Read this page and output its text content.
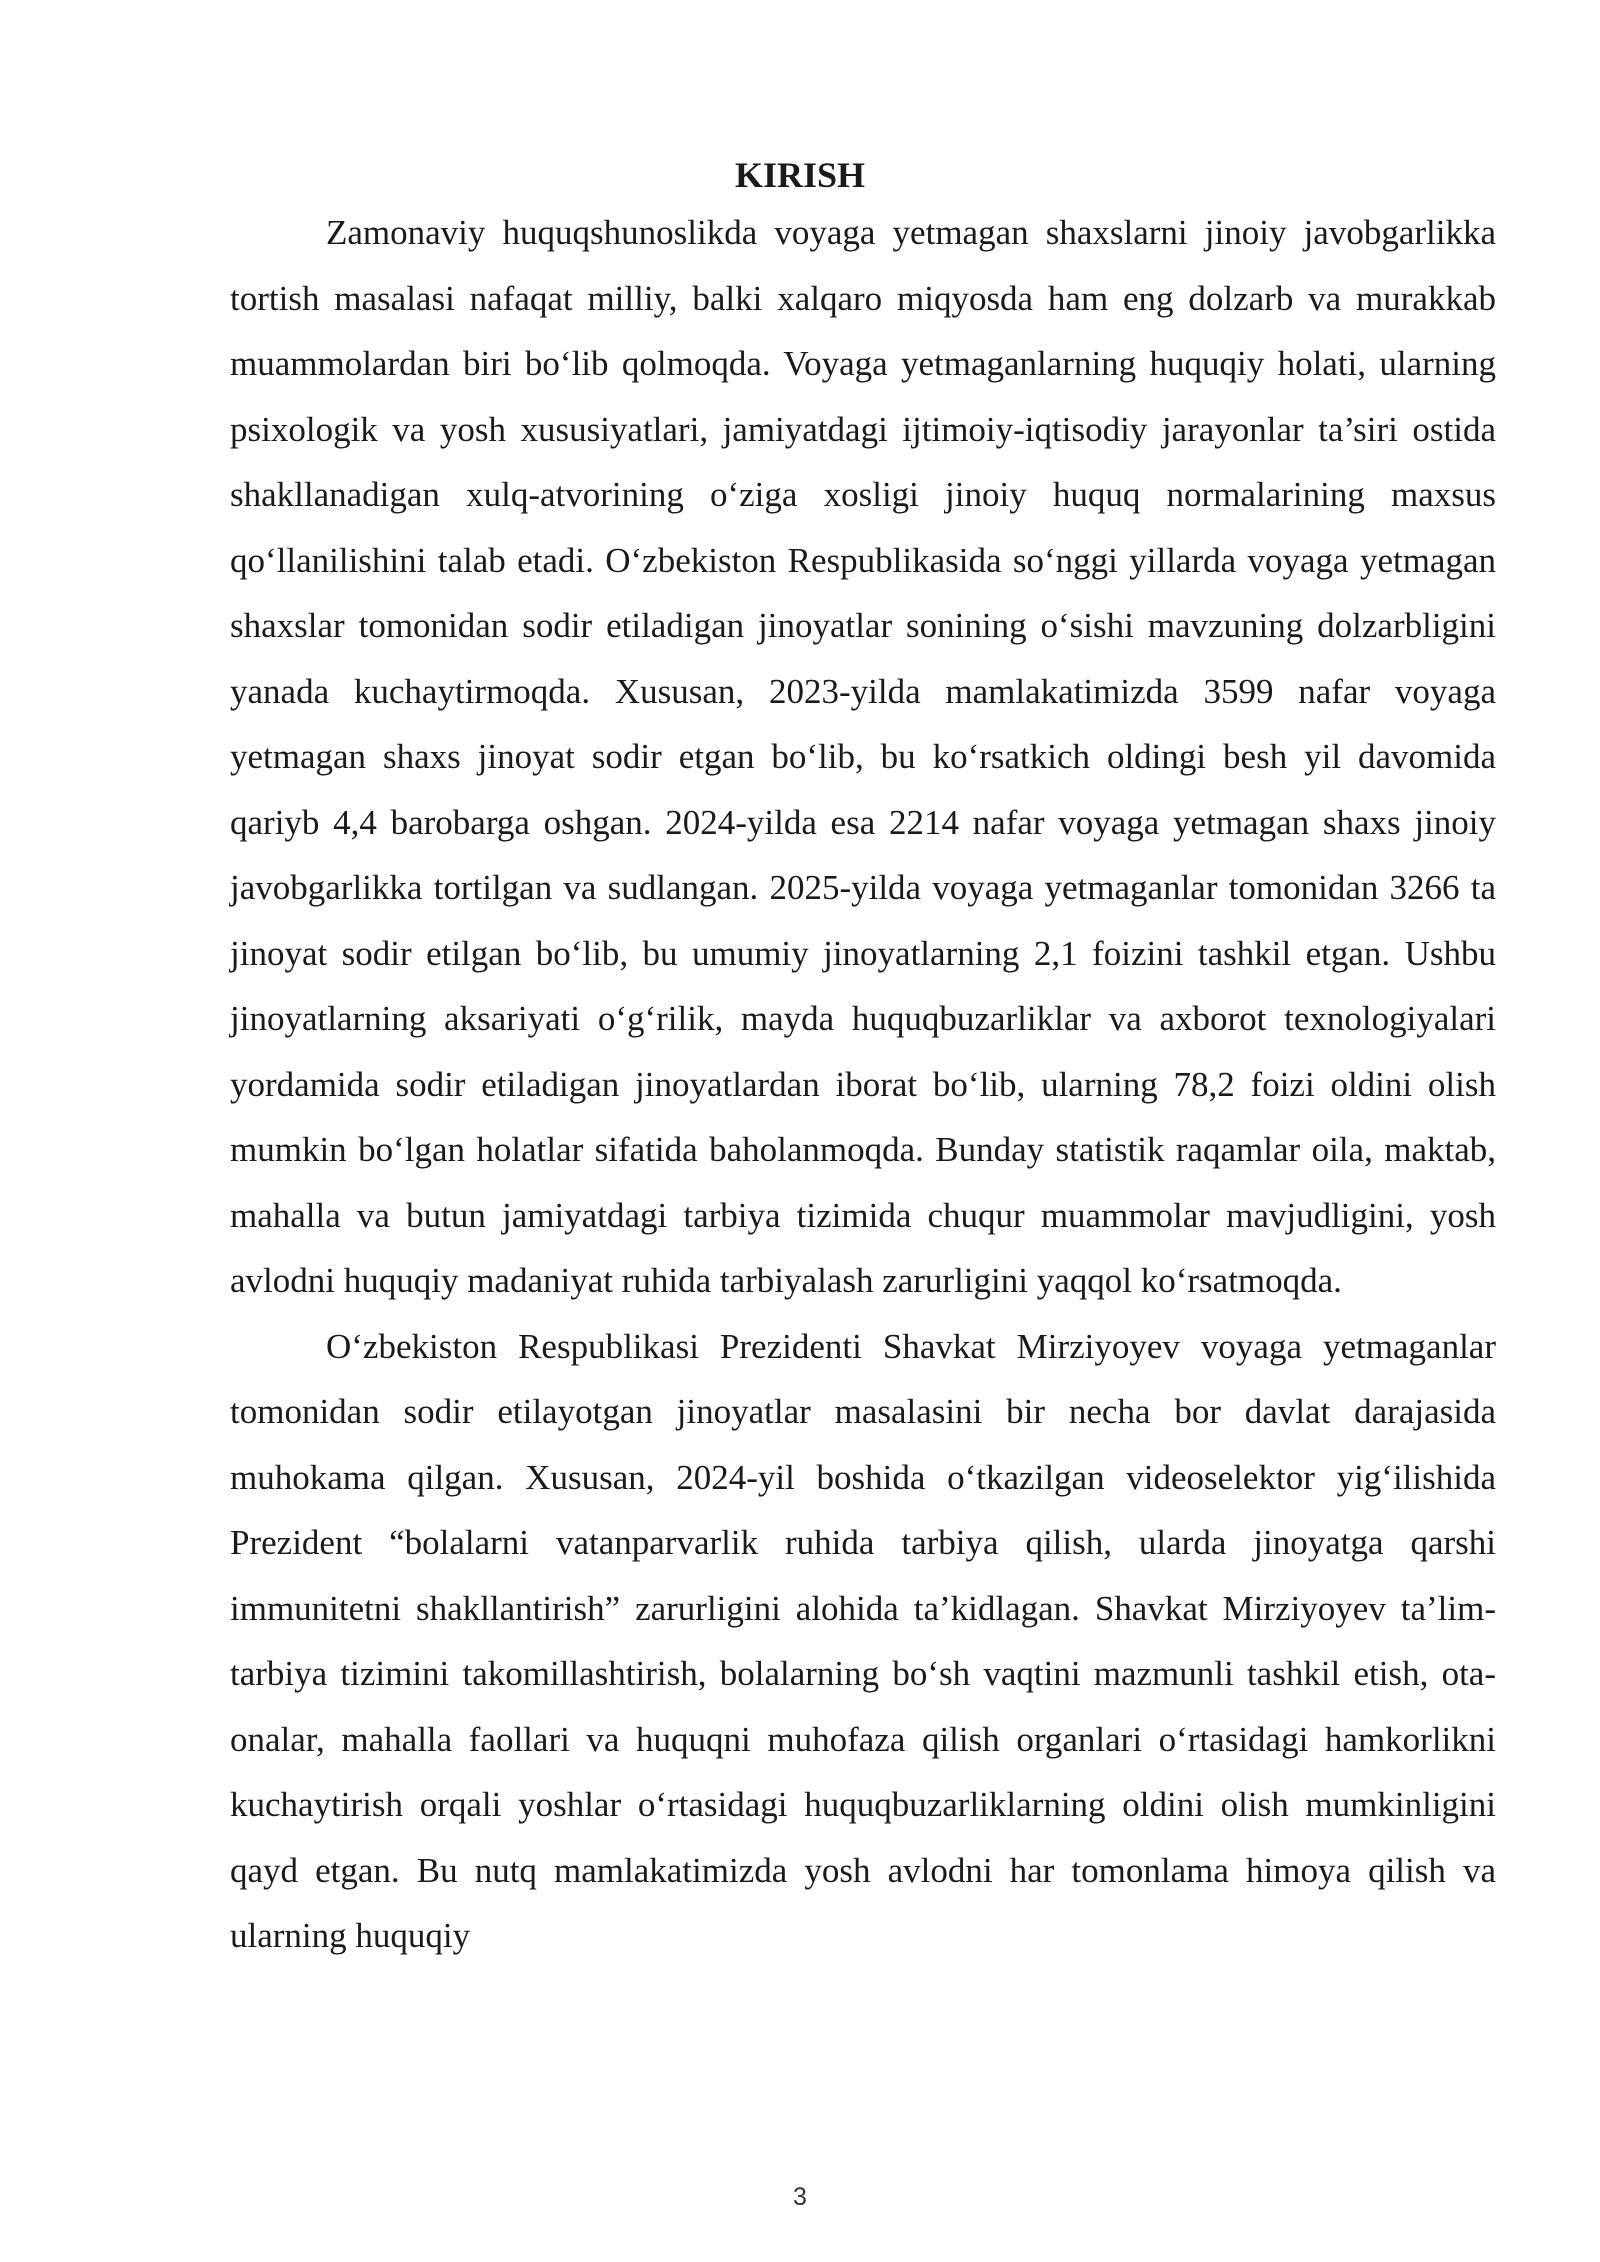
KIRISH

Zamonaviy huquqshunoslikda voyaga yetmagan shaxslarni jinoiy javobgarlikka tortish masalasi nafaqat milliy, balki xalqaro miqyosda ham eng dolzarb va murakkab muammolardan biri bo‘lib qolmoqda. Voyaga yetmaganlarning huquqiy holati, ularning psixologik va yosh xususiyatlari, jamiyatdagi ijtimoiy-iqtisodiy jarayonlar ta’siri ostida shakllanadigan xulq-atvorining o‘ziga xosligi jinoiy huquq normalarining maxsus qo‘llanilishini talab etadi. O‘zbekiston Respublikasida so‘nggi yillarda voyaga yetmagan shaxslar tomonidan sodir etiladigan jinoyatlar sonining o‘sishi mavzuning dolzarbligini yanada kuchaytirmoqda. Xususan, 2023-yilda mamlakatimizda 3599 nafar voyaga yetmagan shaxs jinoyat sodir etgan bo‘lib, bu ko‘rsatkich oldingi besh yil davomida qariyb 4,4 barobarga oshgan. 2024-yilda esa 2214 nafar voyaga yetmagan shaxs jinoiy javobgarlikka tortilgan va sudlangan. 2025-yilda voyaga yetmaganlar tomonidan 3266 ta jinoyat sodir etilgan bo‘lib, bu umumiy jinoyatlarning 2,1 foizini tashkil etgan. Ushbu jinoyatlarning aksariyati o‘g‘rilik, mayda huquqbuzarliklar va axborot texnologiyalari yordamida sodir etiladigan jinoyatlardan iborat bo‘lib, ularning 78,2 foizi oldini olish mumkin bo‘lgan holatlar sifatida baholanmoqda. Bunday statistik raqamlar oila, maktab, mahalla va butun jamiyatdagi tarbiya tizimida chuqur muammolar mavjudligini, yosh avlodni huquqiy madaniyat ruhida tarbiyalash zarurligini yaqqol ko‘rsatmoqda.

O‘zbekiston Respublikasi Prezidenti Shavkat Mirziyoyev voyaga yetmaganlar tomonidan sodir etilayotgan jinoyatlar masalasini bir necha bor davlat darajasida muhokama qilgan. Xususan, 2024-yil boshida o‘tkazilgan videoselektor yig‘ilishida Prezident “bolalarni vatanparvarlik ruhida tarbiya qilish, ularda jinoyatga qarshi immunitetni shakllantirish” zarurligini alohida ta’kidlagan. Shavkat Mirziyoyev ta’lim-tarbiya tizimini takomillashtirish, bolalarning bo‘sh vaqtini mazmunli tashkil etish, ota-onalar, mahalla faollari va huquqni muhofaza qilish organlari o‘rtasidagi hamkorlikni kuchaytirish orqali yoshlar o‘rtasidagi huquqbuzarliklarning oldini olish mumkinligini qayd etgan. Bu nutq mamlakatimizda yosh avlodni har tomonlama himoya qilish va ularning huquqiy

3
